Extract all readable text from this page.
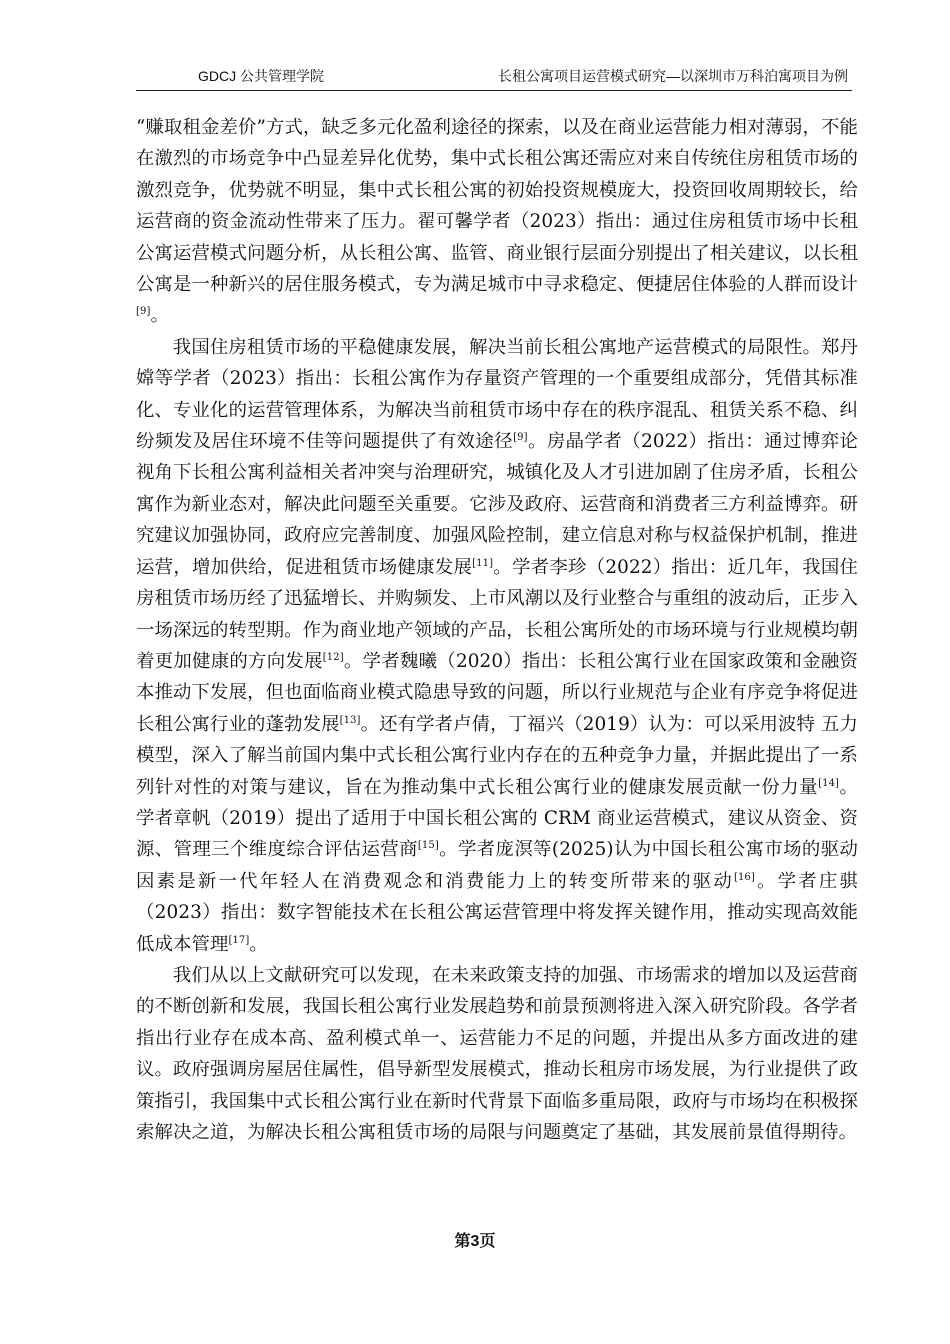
GDCJ 公共管理学院	长租公寓项目运营模式研究—以深圳市万科泊寓项目为例

“赚取租金差价”方式，缺乏多元化盈利途径的探索，以及在商业运营能力相对薄弱，不能在激烈的市场竞争中凸显差异化优势，集中式长租公寓还需应对来自传统住房租赁市场的激烈竞争，优势就不明显，集中式长租公寓的初始投资规模庞大，投资回收周期较长，给运营商的资金流动性带来了压力。翟可馨学者（2023）指出：通过住房租赁市场中长租公寓运营模式问题分析，从长租公寓、监管、商业银行层面分别提出了相关建议，以长租公寓是一种新兴的居住服务模式，专为满足城市中寻求稳定、便捷居住体验的人群而设计[9]。

我国住房租赁市场的平稳健康发展，解决当前长租公寓地产运营模式的局限性。郑丹嫦等学者（2023）指出：长租公寓作为存量资产管理的一个重要组成部分，凭借其标准化、专业化的运营管理体系，为解决当前租赁市场中存在的秩序混乱、租赁关系不稳、纠纷频发及居住环境不佳等问题提供了有效途径[9]。房晶学者（2022）指出：通过博弈论视角下长租公寓利益相关者冲突与治理研究，城镇化及人才引进加剧了住房矛盾，长租公寓作为新业态对，解决此问题至关重要。它涉及政府、运营商和消费者三方利益博弈。研究建议加强协同，政府应完善制度、加强风险控制，建立信息对称与权益保护机制，推进运营，增加供给，促进租赁市场健康发展[11]。学者李珍（2022）指出：近几年，我国住房租赁市场历经了迅猛增长、并购频发、上市风潮以及行业整合与重组的波动后，正步入一场深远的转型期。作为商业地产领域的产品，长租公寓所处的市场环境与行业规模均朝着更加健康的方向发展[12]。学者魏曦（2020）指出：长租公寓行业在国家政策和金融资本推动下发展，但也面临商业模式隐患导致的问题，所以行业规范与企业有序竞争将促进长租公寓行业的蓬勃发展[13]。还有学者卢倩，丁福兴（2019）认为：可以采用波特 五力模型，深入了解当前国内集中式长租公寓行业内存在的五种竞争力量，并据此提出了一系列针对性的对策与建议，旨在为推动集中式长租公寓行业的健康发展贡献一份力量[14]。学者章帆（2019）提出了适用于中国长租公寓的 CRM 商业运营模式，建议从资金、资源、管理三个维度综合评估运营商[15]。学者庞溟等(2025)认为中国长租公寓市场的驱动因素是新一代年轻人在消费观念和消费能力上的转变所带来的驱动[16]。学者庄骐（2023）指出：数字智能技术在长租公寓运营管理中将发挥关键作用，推动实现高效能低成本管理[17]。

我们从以上文献研究可以发现，在未来政策支持的加强、市场需求的增加以及运营商的不断创新和发展，我国长租公寓行业发展趋势和前景预测将进入深入研究阶段。各学者指出行业存在成本高、盈利模式单一、运营能力不足的问题，并提出从多方面改进的建议。政府强调房屋居住属性，倡导新型发展模式，推动长租房市场发展，为行业提供了政策指引，我国集中式长租公寓行业在新时代背景下面临多重局限，政府与市场均在积极探索解决之道，为解决长租公寓租赁市场的局限与问题奠定了基础，其发展前景值得期待。

第3页
